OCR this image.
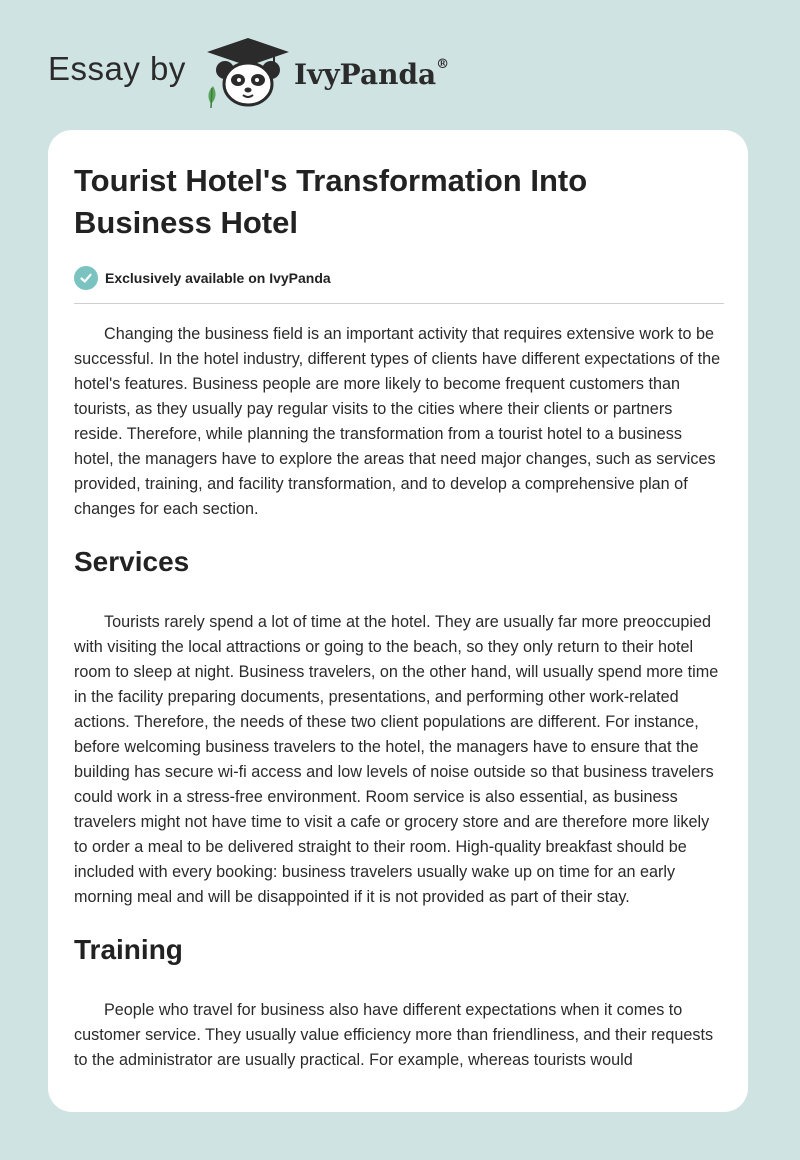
Essay by	IvyPanda®
Tourist Hotel's Transformation Into Business Hotel
Exclusively available on IvyPanda

Changing the business field is an important activity that requires extensive work to be successful. In the hotel industry, different types of clients have different expectations of the hotel's features. Business people are more likely to become frequent customers than tourists, as they usually pay regular visits to the cities where their clients or partners reside. Therefore, while planning the transformation from a tourist hotel to a business hotel, the managers have to explore the areas that need major changes, such as services provided, training, and facility transformation, and to develop a comprehensive plan of changes for each section.

Services

Tourists rarely spend a lot of time at the hotel. They are usually far more preoccupied with visiting the local attractions or going to the beach, so they only return to their hotel room to sleep at night. Business travelers, on the other hand, will usually spend more time in the facility preparing documents, presentations, and performing other work-related actions. Therefore, the needs of these two client populations are different. For instance, before welcoming business travelers to the hotel, the managers have to ensure that the building has secure wi-fi access and low levels of noise outside so that business travelers could work in a stress-free environment. Room service is also essential, as business travelers might not have time to visit a cafe or grocery store and are therefore more likely to order a meal to be delivered straight to their room. High-quality breakfast should be included with every booking: business travelers usually wake up on time for an early morning meal and will be disappointed if it is not provided as part of their stay.

Training

People who travel for business also have different expectations when it comes to customer service. They usually value efficiency more than friendliness, and their requests to the administrator are usually practical. For example, whereas tourists would
